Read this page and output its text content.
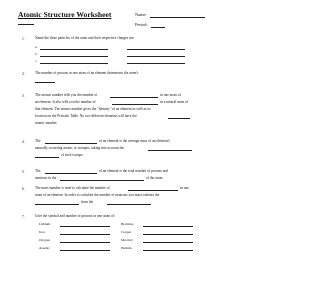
Atomic Structure Worksheet	Name:
Period:
1.	Name the three particles of the atom and their respective charges are:
a.
b.
c.
2.	The number of protons in one atom of an element determines the atom's
3.	The atomic number tells you the number of	in one atom of
an element. It also tells you the number of	in a neutral atom of
that element. The atomic number gives the "identity "of an element as well as its
location on the Periodic Table. No two different elements will have the
atomic number.
4.	The	of an element is the average mass of an element's
naturally occurring atoms, or isotopes, taking into account the
of each isotope.
5.	The	of an element is the total number of protons and
neutrons in the	of the atom.
6.	The mass number is used to calculate the number of	in one
atom of an element. In order to calculate the number of neutrons you must subtract the
from the
7.	Give the symbol and number of protons in one atom of:
Lithium	Bromine
Iron	Copper
Oxygen	Mercury
Arsenic	Helium
